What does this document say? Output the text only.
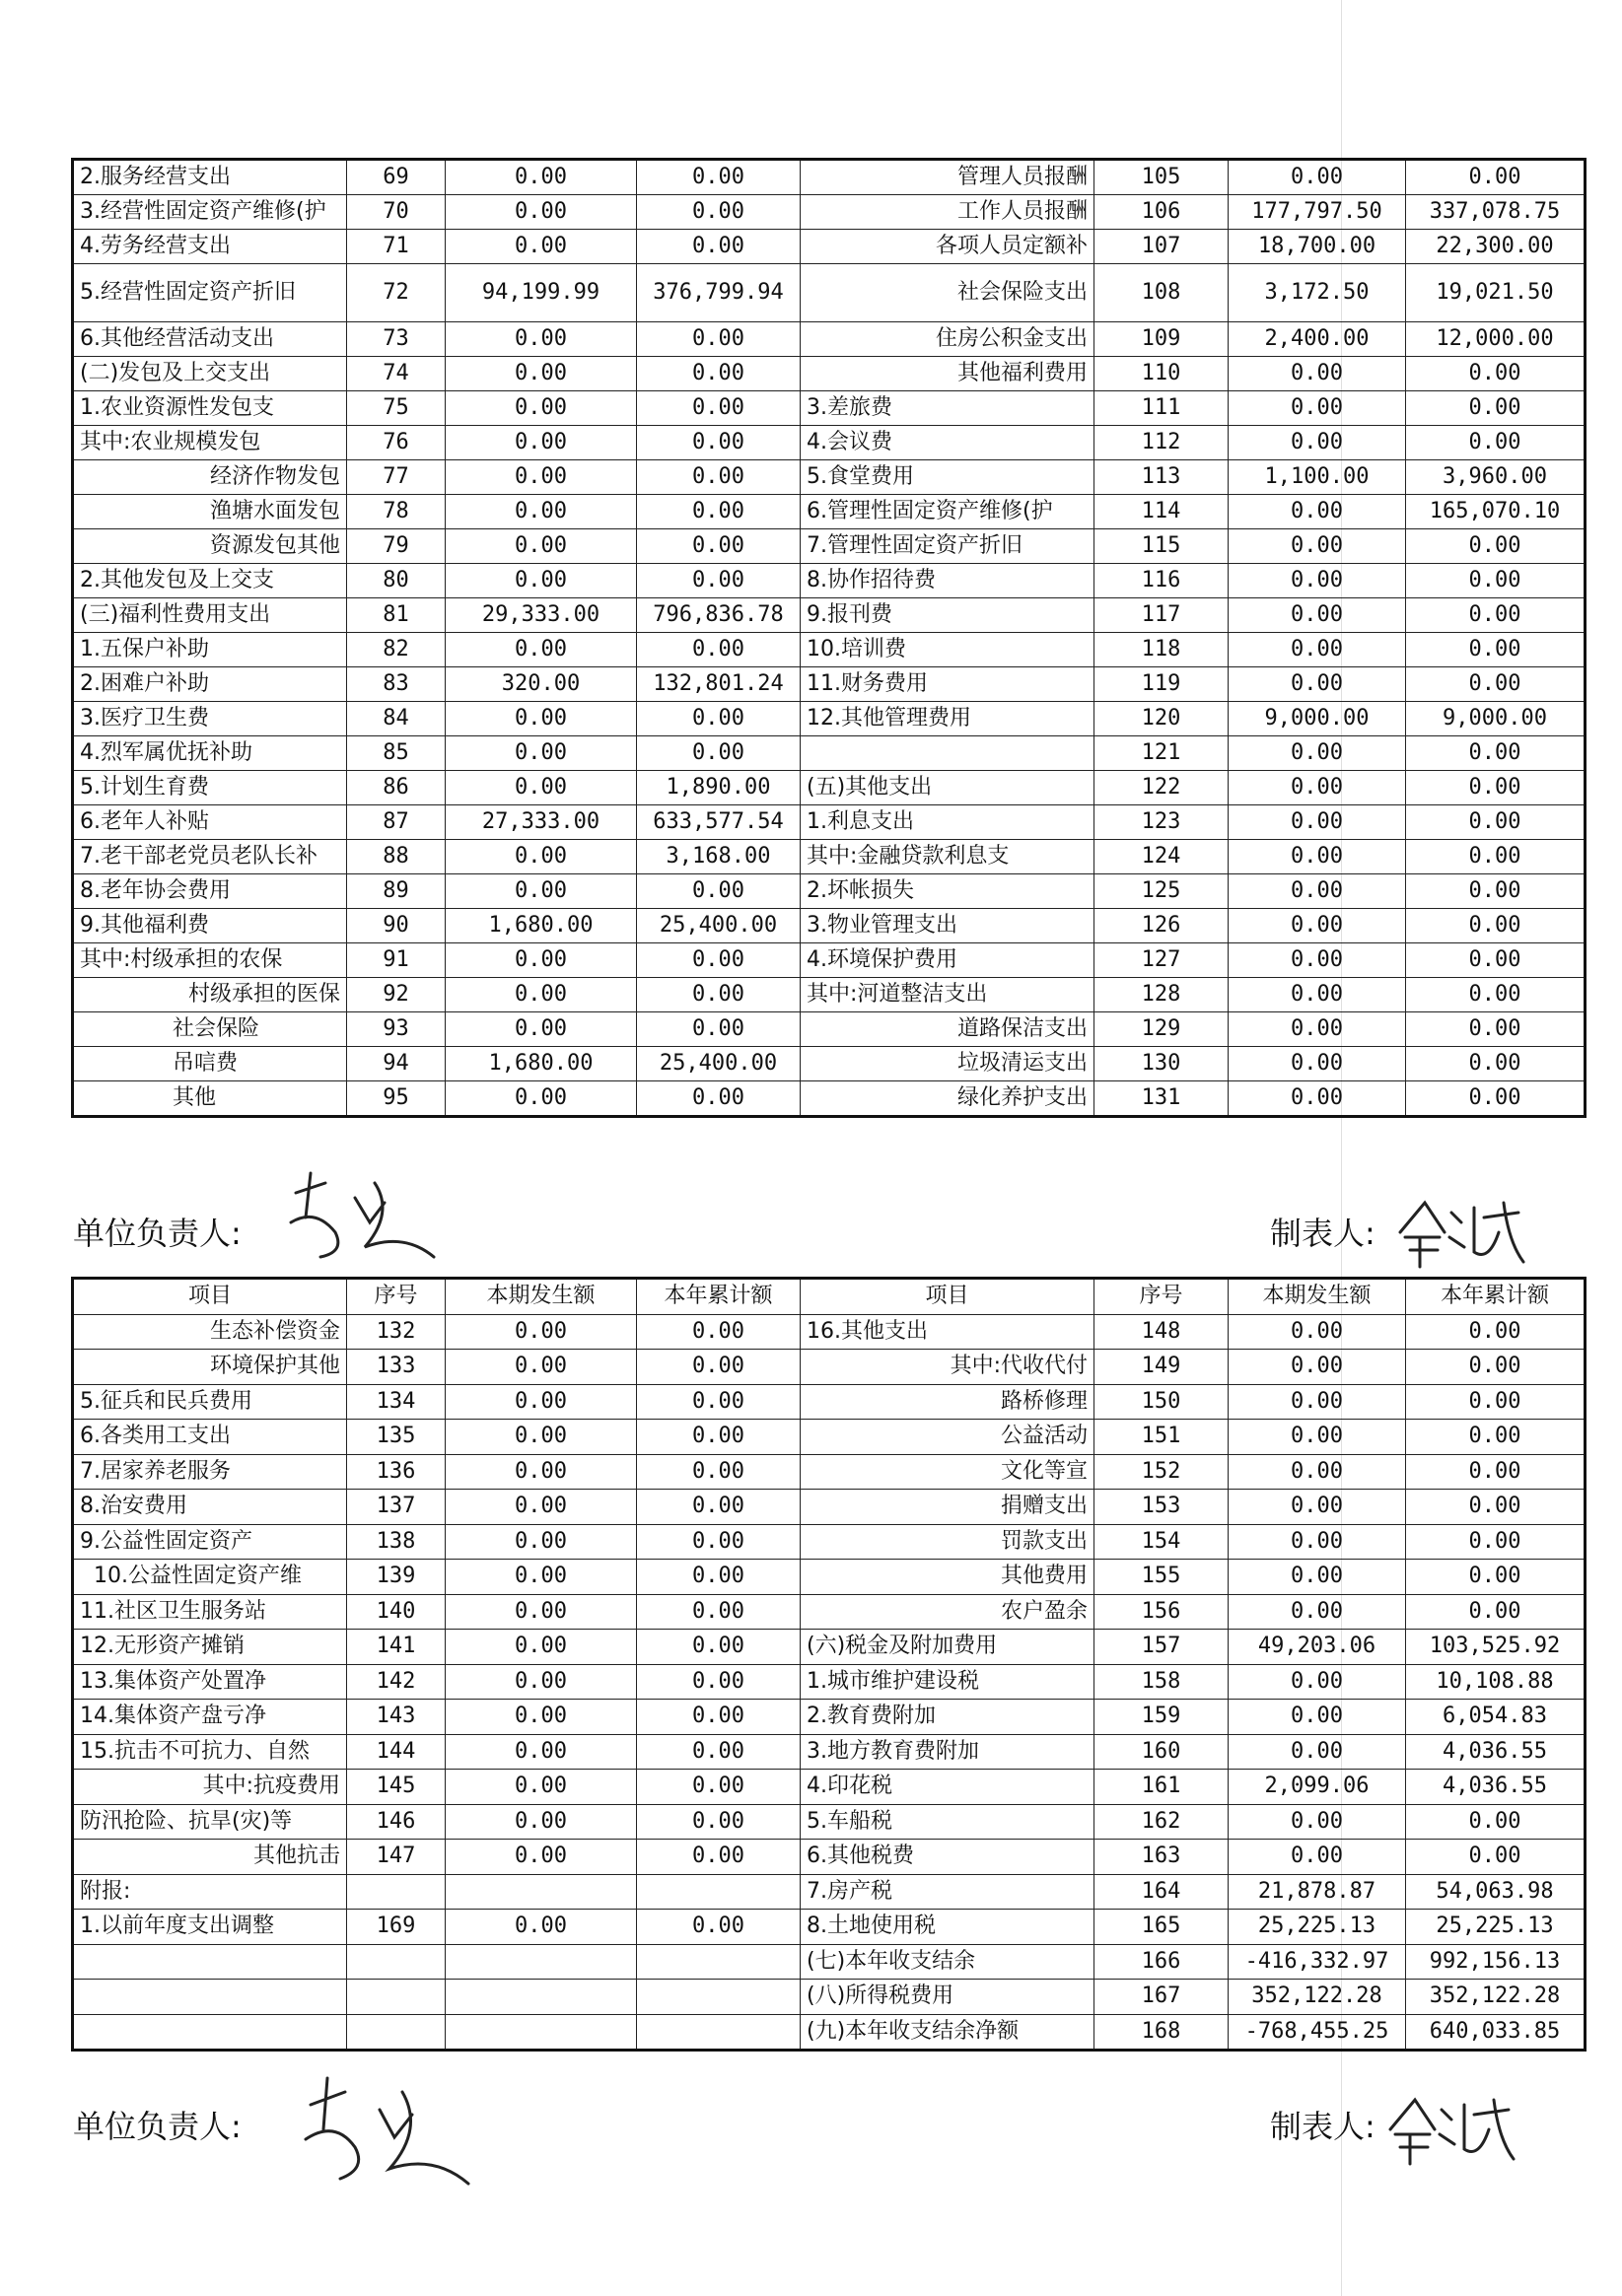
2.服务经营支出	69	0.00	0.00	管理人员报酬	105	0.00	0.00
3.经营性固定资产维修(护	70	0.00	0.00	工作人员报酬	106	177,797.50	337,078.75
4.劳务经营支出	71	0.00	0.00	各项人员定额补	107	18,700.00	22,300.00
5.经营性固定资产折旧	72	94,199.99	376,799.94	社会保险支出	108	3,172.50	19,021.50
6.其他经营活动支出	73	0.00	0.00	住房公积金支出	109	2,400.00	12,000.00
(二)发包及上交支出	74	0.00	0.00	其他福利费用	110	0.00	0.00
1.农业资源性发包支	75	0.00	0.00	3.差旅费	111	0.00	0.00
其中:农业规模发包	76	0.00	0.00	4.会议费	112	0.00	0.00
经济作物发包	77	0.00	0.00	5.食堂费用	113	1,100.00	3,960.00
渔塘水面发包	78	0.00	0.00	6.管理性固定资产维修(护	114	0.00	165,070.10
资源发包其他	79	0.00	0.00	7.管理性固定资产折旧	115	0.00	0.00
2.其他发包及上交支	80	0.00	0.00	8.协作招待费	116	0.00	0.00
(三)福利性费用支出	81	29,333.00	796,836.78	9.报刊费	117	0.00	0.00
1.五保户补助	82	0.00	0.00	10.培训费	118	0.00	0.00
2.困难户补助	83	320.00	132,801.24	11.财务费用	119	0.00	0.00
3.医疗卫生费	84	0.00	0.00	12.其他管理费用	120	9,000.00	9,000.00
4.烈军属优抚补助	85	0.00	0.00		121	0.00	0.00
5.计划生育费	86	0.00	1,890.00	(五)其他支出	122	0.00	0.00
6.老年人补贴	87	27,333.00	633,577.54	1.利息支出	123	0.00	0.00
7.老干部老党员老队长补	88	0.00	3,168.00	其中:金融贷款利息支	124	0.00	0.00
8.老年协会费用	89	0.00	0.00	2.坏帐损失	125	0.00	0.00
9.其他福利费	90	1,680.00	25,400.00	3.物业管理支出	126	0.00	0.00
其中:村级承担的农保	91	0.00	0.00	4.环境保护费用	127	0.00	0.00
村级承担的医保	92	0.00	0.00	其中:河道整洁支出	128	0.00	0.00
社会保险	93	0.00	0.00	道路保洁支出	129	0.00	0.00
吊唁费	94	1,680.00	25,400.00	垃圾清运支出	130	0.00	0.00
其他	95	0.00	0.00	绿化养护支出	131	0.00	0.00
单位负责人:	制表人:
项目	序号	本期发生额	本年累计额	项目	序号	本期发生额	本年累计额
生态补偿资金	132	0.00	0.00	16.其他支出	148	0.00	0.00
环境保护其他	133	0.00	0.00	其中:代收代付	149	0.00	0.00
5.征兵和民兵费用	134	0.00	0.00	路桥修理	150	0.00	0.00
6.各类用工支出	135	0.00	0.00	公益活动	151	0.00	0.00
7.居家养老服务	136	0.00	0.00	文化等宣	152	0.00	0.00
8.治安费用	137	0.00	0.00	捐赠支出	153	0.00	0.00
9.公益性固定资产	138	0.00	0.00	罚款支出	154	0.00	0.00
10.公益性固定资产维	139	0.00	0.00	其他费用	155	0.00	0.00
11.社区卫生服务站	140	0.00	0.00	农户盈余	156	0.00	0.00
12.无形资产摊销	141	0.00	0.00	(六)税金及附加费用	157	49,203.06	103,525.92
13.集体资产处置净	142	0.00	0.00	1.城市维护建设税	158	0.00	10,108.88
14.集体资产盘亏净	143	0.00	0.00	2.教育费附加	159	0.00	6,054.83
15.抗击不可抗力、自然	144	0.00	0.00	3.地方教育费附加	160	0.00	4,036.55
其中:抗疫费用	145	0.00	0.00	4.印花税	161	2,099.06	4,036.55
防汛抢险、抗旱(灾)等	146	0.00	0.00	5.车船税	162	0.00	0.00
其他抗击	147	0.00	0.00	6.其他税费	163	0.00	0.00
附报:				7.房产税	164	21,878.87	54,063.98
1.以前年度支出调整	169	0.00	0.00	8.土地使用税	165	25,225.13	25,225.13
				(七)本年收支结余	166	-416,332.97	992,156.13
				(八)所得税费用	167	352,122.28	352,122.28
				(九)本年收支结余净额	168	-768,455.25	640,033.85
单位负责人:	制表人:
